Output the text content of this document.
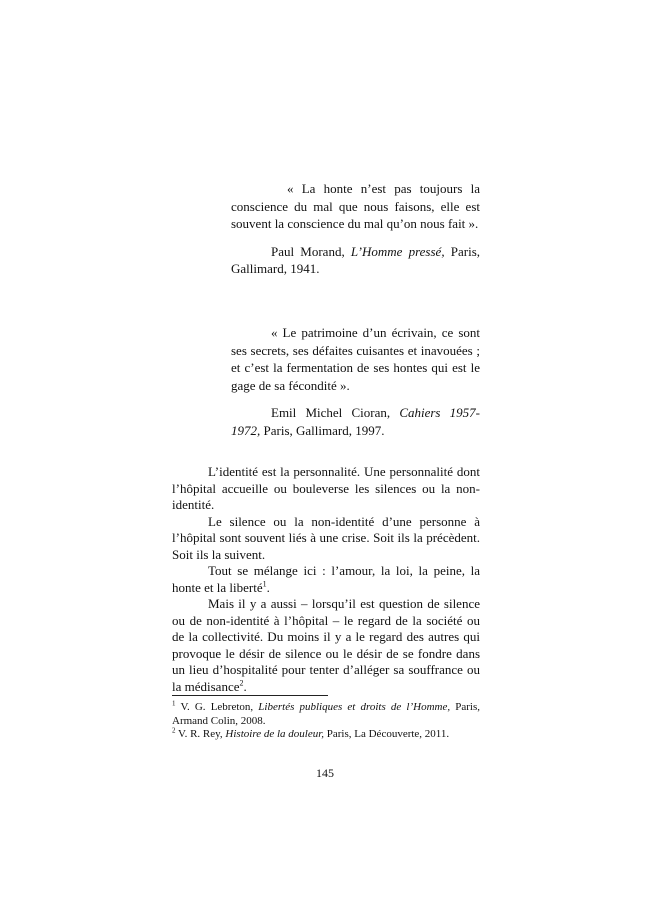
« La honte n’est pas toujours la conscience du mal que nous faisons, elle est souvent la conscience du mal qu’on nous fait ».

Paul Morand, L’Homme pressé, Paris, Gallimard, 1941.

« Le patrimoine d’un écrivain, ce sont ses secrets, ses défaites cuisantes et inavouées ; et c’est la fermentation de ses hontes qui est le gage de sa fécondité ».

Emil Michel Cioran, Cahiers 1957-1972, Paris, Gallimard, 1997.

L’identité est la personnalité. Une personnalité dont l’hôpital accueille ou bouleverse les silences ou la non-identité.

Le silence ou la non-identité d’une personne à l’hôpital sont souvent liés à une crise. Soit ils la précèdent. Soit ils la suivent.

Tout se mélange ici : l’amour, la loi, la peine, la honte et la liberté$^1$.

Mais il y a aussi – lorsqu’il est question de silence ou de non-identité à l’hôpital – le regard de la société ou de la collectivité. Du moins il y a le regard des autres qui provoque le désir de silence ou le désir de se fondre dans un lieu d’hospitalité pour tenter d’alléger sa souffrance ou la médisance$^2$.

$^1$ V. G. Lebreton, Libertés publiques et droits de l’Homme, Paris, Armand Colin, 2008.

$^2$ V. R. Rey, Histoire de la douleur, Paris, La Découverte, 2011.

145
